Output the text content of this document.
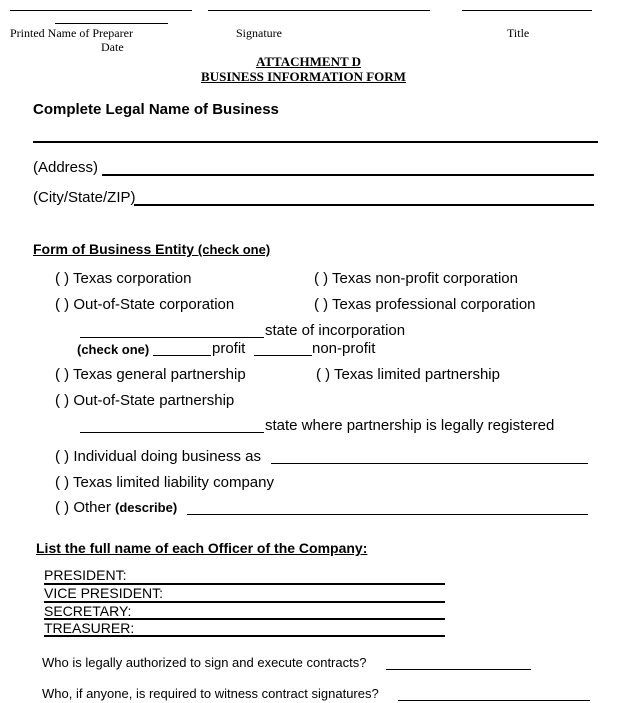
Printed Name of Preparer
Date
Signature	Title
ATTACHMENT D
BUSINESS INFORMATION FORM
Complete Legal Name of Business
(Address)
(City/State/ZIP)
Form of Business Entity (check one)
( ) Texas corporation	( ) Texas non-profit corporation
( ) Out-of-State corporation	( ) Texas professional corporation
state of incorporation
(check one)	profit	non-profit
( ) Texas general partnership	( ) Texas limited partnership
( ) Out-of-State partnership
state where partnership is legally registered
( ) Individual doing business as
( ) Texas limited liability company
( ) Other (describe)
List the full name of each Officer of the Company:
PRESIDENT:
VICE PRESIDENT:
SECRETARY:
TREASURER:
Who is legally authorized to sign and execute contracts?
Who, if anyone, is required to witness contract signatures?
